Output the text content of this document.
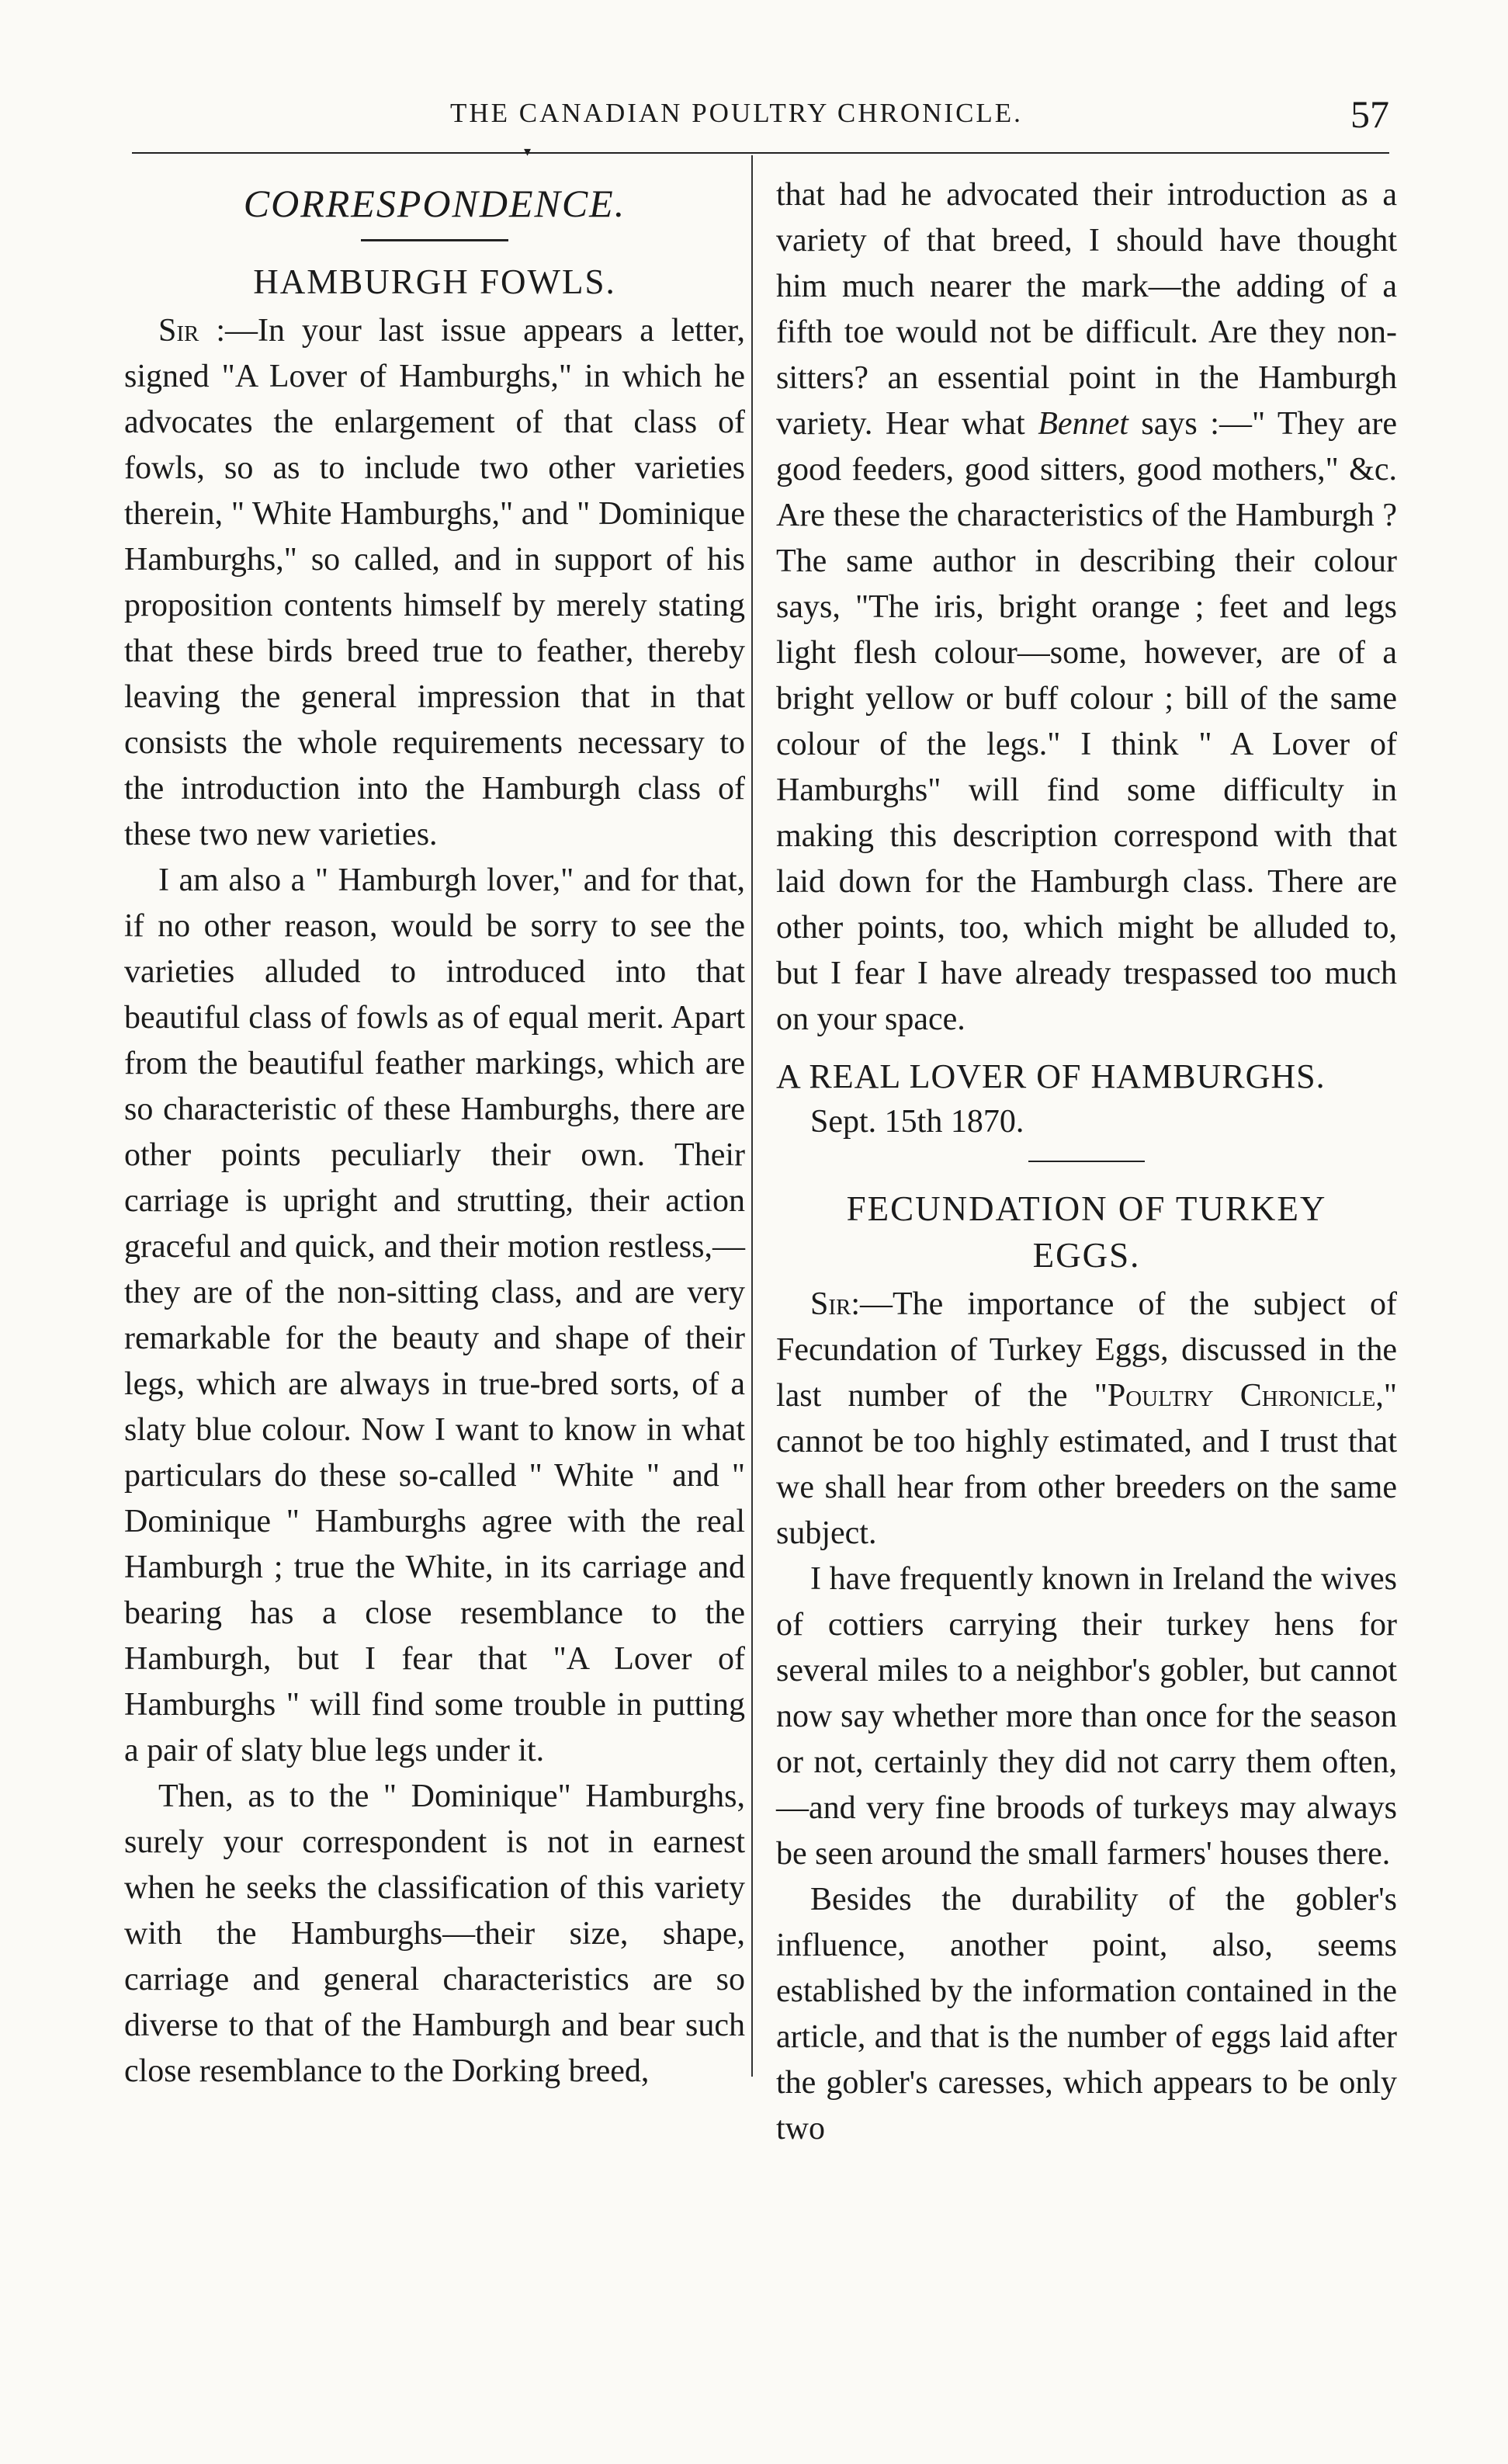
THE CANADIAN POULTRY CHRONICLE.	57
▾
CORRESPONDENCE.
HAMBURGH FOWLS.

Sir :—In your last issue appears a letter, signed "A Lover of Hamburghs," in which he advocates the enlargement of that class of fowls, so as to include two other varieties therein, " White Hamburghs," and " Dominique Hamburghs," so called, and in support of his proposition contents himself by merely stating that these birds breed true to feather, thereby leaving the general impression that in that consists the whole requirements necessary to the introduction into the Hamburgh class of these two new varieties.

I am also a " Hamburgh lover," and for that, if no other reason, would be sorry to see the varieties alluded to introduced into that beautiful class of fowls as of equal merit. Apart from the beautiful feather markings, which are so characteristic of these Hamburghs, there are other points peculiarly their own. Their carriage is upright and strutting, their action graceful and quick, and their motion restless,—they are of the non-sitting class, and are very remarkable for the beauty and shape of their legs, which are always in true-bred sorts, of a slaty blue colour. Now I want to know in what particulars do these so-called " White " and " Dominique " Hamburghs agree with the real Hamburgh ; true the White, in its carriage and bearing has a close resemblance to the Hamburgh, but I fear that "A Lover of Hamburghs " will find some trouble in putting a pair of slaty blue legs under it.

Then, as to the " Dominique" Hamburghs, surely your correspondent is not in earnest when he seeks the classification of this variety with the Hamburghs—their size, shape, carriage and general characteristics are so diverse to that of the Hamburgh and bear such close resemblance to the Dorking breed,

that had he advocated their introduction as a variety of that breed, I should have thought him much nearer the mark—the adding of a fifth toe would not be difficult. Are they non-sitters? an essential point in the Hamburgh variety. Hear what Bennet says :—" They are good feeders, good sitters, good mothers," &c. Are these the characteristics of the Hamburgh ? The same author in describing their colour says, "The iris, bright orange ; feet and legs light flesh colour—some, however, are of a bright yellow or buff colour ; bill of the same colour of the legs." I think " A Lover of Hamburghs" will find some difficulty in making this description correspond with that laid down for the Hamburgh class. There are other points, too, which might be alluded to, but I fear I have already trespassed too much on your space.

A REAL LOVER OF HAMBURGHS.
Sept. 15th 1870.
FECUNDATION OF TURKEY
EGGS.

Sir:—The importance of the subject of Fecundation of Turkey Eggs, discussed in the last number of the "Poultry Chronicle," cannot be too highly estimated, and I trust that we shall hear from other breeders on the same subject.

I have frequently known in Ireland the wives of cottiers carrying their turkey hens for several miles to a neighbor's gobler, but cannot now say whether more than once for the season or not, certainly they did not carry them often, —and very fine broods of turkeys may always be seen around the small farmers' houses there.

Besides the durability of the gobler's influence, another point, also, seems established by the information contained in the article, and that is the number of eggs laid after the gobler's caresses, which appears to be only two
